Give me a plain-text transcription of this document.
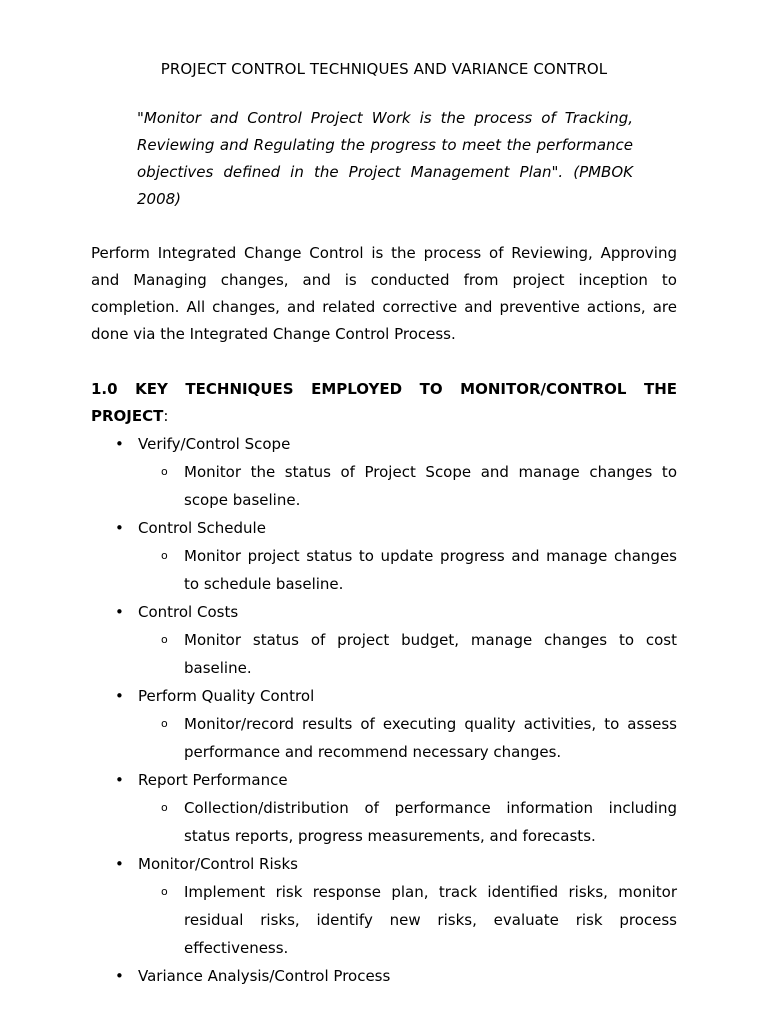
PROJECT CONTROL TECHNIQUES AND VARIANCE CONTROL
"Monitor and Control Project Work is the process of Tracking, Reviewing and Regulating the progress to meet the performance objectives defined in the Project Management Plan". (PMBOK 2008)
Perform Integrated Change Control is the process of Reviewing, Approving and Managing changes, and is conducted from project inception to completion. All changes, and related corrective and preventive actions, are done via the Integrated Change Control Process.
1.0 KEY TECHNIQUES EMPLOYED TO MONITOR/CONTROL THE PROJECT:
• Verify/Control Scope
o Monitor the status of Project Scope and manage changes to scope baseline.
• Control Schedule
o Monitor project status to update progress and manage changes to schedule baseline.
• Control Costs
o Monitor status of project budget, manage changes to cost baseline.
• Perform Quality Control
o Monitor/record results of executing quality activities, to assess performance and recommend necessary changes.
• Report Performance
o Collection/distribution of performance information including status reports, progress measurements, and forecasts.
• Monitor/Control Risks
o Implement risk response plan, track identified risks, monitor residual risks, identify new risks, evaluate risk process effectiveness.
• Variance Analysis/Control Process
